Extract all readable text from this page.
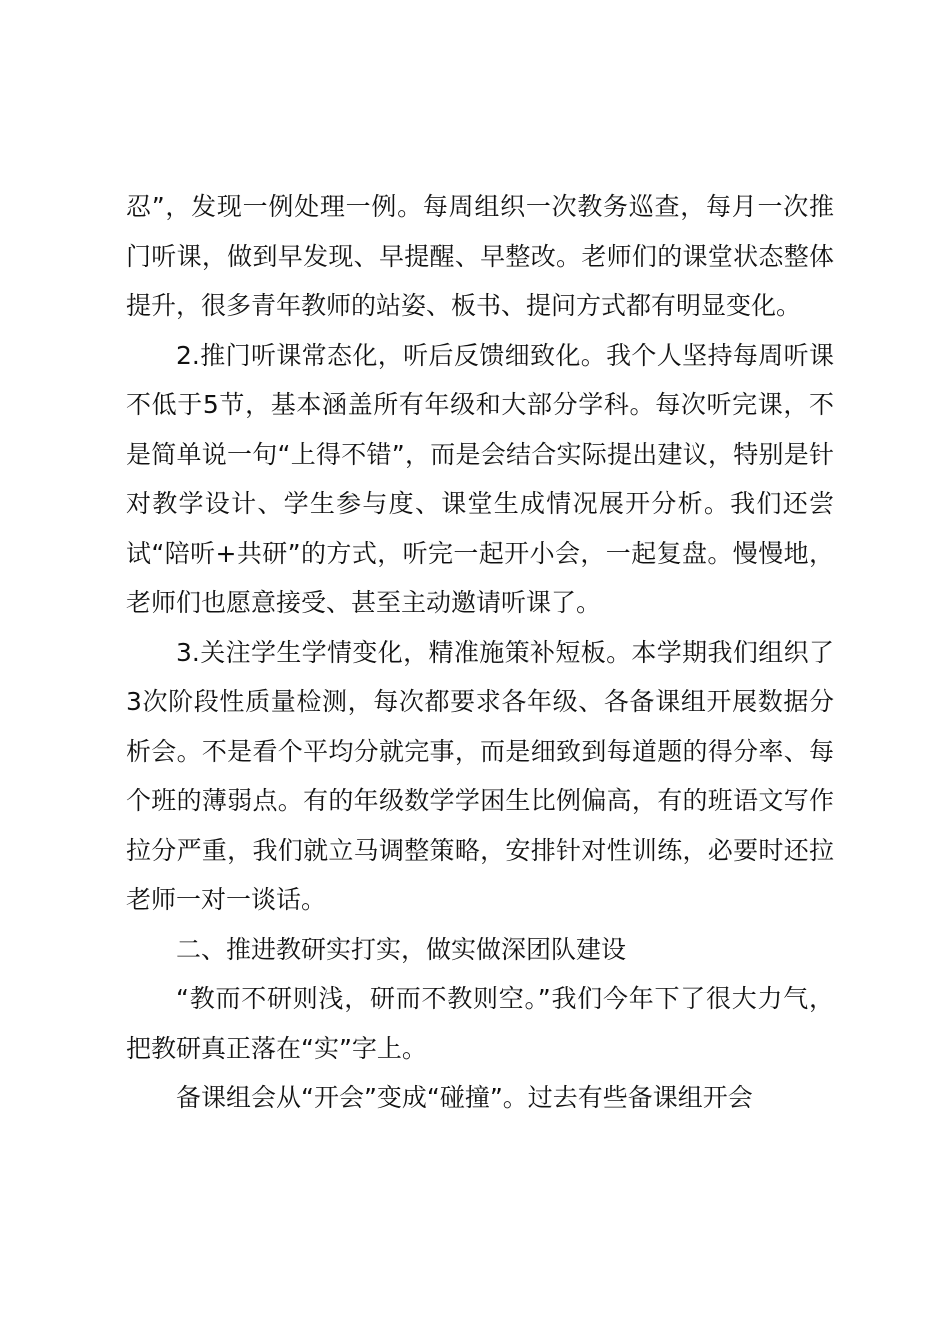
忍”，发现一例处理一例。每周组织一次教务巡查，每月一次推门听课，做到早发现、早提醒、早整改。老师们的课堂状态整体提升，很多青年教师的站姿、板书、提问方式都有明显变化。

2.推门听课常态化，听后反馈细致化。我个人坚持每周听课不低于5节，基本涵盖所有年级和大部分学科。每次听完课，不是简单说一句“上得不错”，而是会结合实际提出建议，特别是针对教学设计、学生参与度、课堂生成情况展开分析。我们还尝试“陪听+共研”的方式，听完一起开小会，一起复盘。慢慢地，老师们也愿意接受、甚至主动邀请听课了。

3.关注学生学情变化，精准施策补短板。本学期我们组织了3次阶段性质量检测，每次都要求各年级、各备课组开展数据分析会。不是看个平均分就完事，而是细致到每道题的得分率、每个班的薄弱点。有的年级数学学困生比例偏高，有的班语文写作拉分严重，我们就立马调整策略，安排针对性训练，必要时还拉老师一对一谈话。

二、推进教研实打实，做实做深团队建设

“教而不研则浅，研而不教则空。”我们今年下了很大力气，把教研真正落在“实”字上。

备课组会从“开会”变成“碰撞”。过去有些备课组开会
